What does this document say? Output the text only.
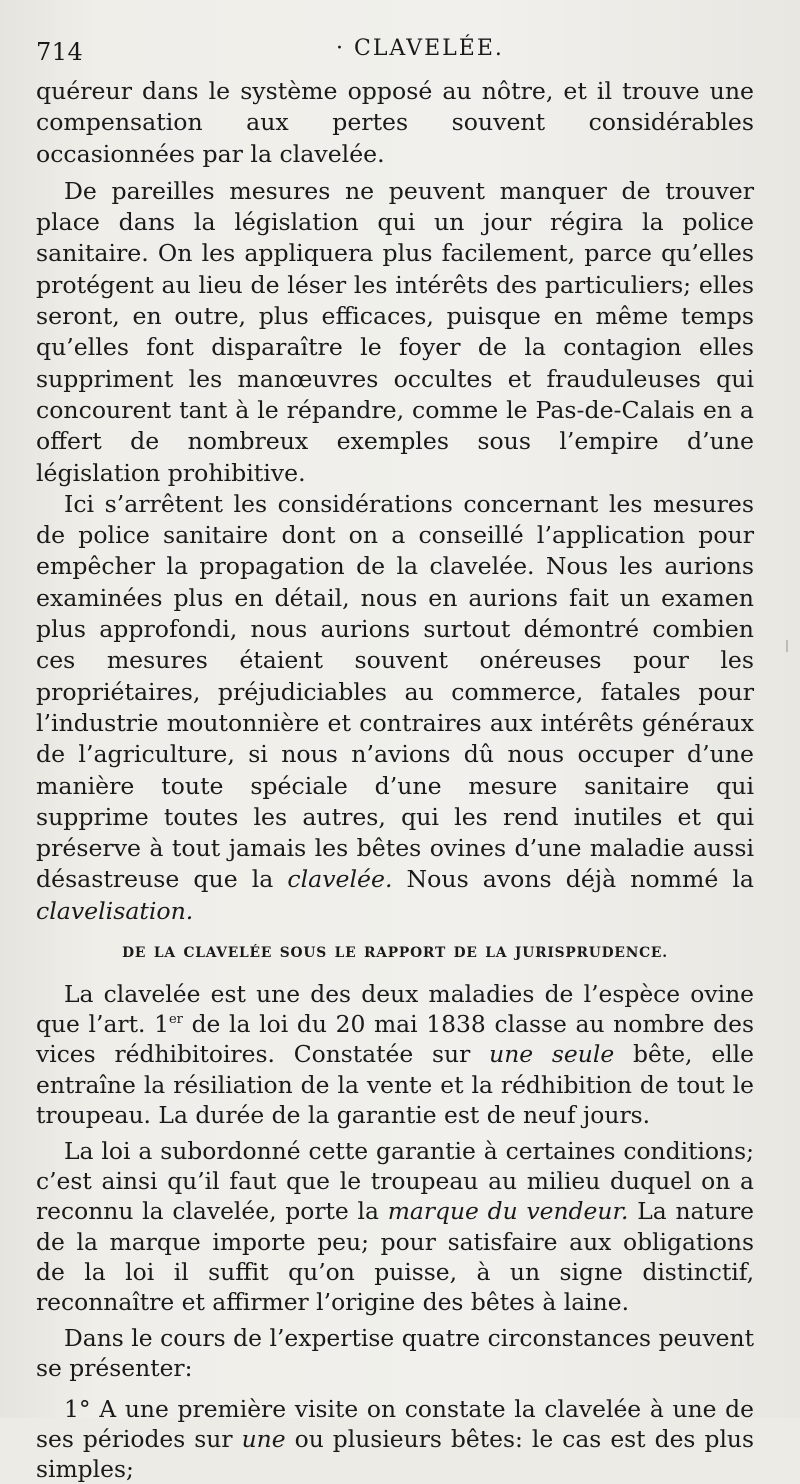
714	· CLAVELÉE.

quéreur dans le système opposé au nôtre, et il trouve une compensation aux pertes souvent considérables occasionnées par la clavelée.

De pareilles mesures ne peuvent manquer de trouver place dans la législation qui un jour régira la police sanitaire. On les appliquera plus facilement, parce qu’elles protégent au lieu de léser les intérêts des particuliers; elles seront, en outre, plus efficaces, puisque en même temps qu’elles font disparaître le foyer de la contagion elles suppriment les manœuvres occultes et frauduleuses qui concourent tant à le répandre, comme le Pas-de-Calais en a offert de nombreux exemples sous l’empire d’une législation prohibitive.

Ici s’arrêtent les considérations concernant les mesures de police sanitaire dont on a conseillé l’application pour empêcher la propagation de la clavelée. Nous les aurions examinées plus en détail, nous en aurions fait un examen plus approfondi, nous aurions surtout démontré combien ces mesures étaient souvent onéreuses pour les propriétaires, préjudiciables au commerce, fatales pour l’industrie moutonnière et contraires aux intérêts généraux de l’agriculture, si nous n’avions dû nous occuper d’une manière toute spéciale d’une mesure sanitaire qui supprime toutes les autres, qui les rend inutiles et qui préserve à tout jamais les bêtes ovines d’une maladie aussi désastreuse que la clavelée. Nous avons déjà nommé la clavelisation.

DE LA CLAVELÉE SOUS LE RAPPORT DE LA JURISPRUDENCE.

La clavelée est une des deux maladies de l’espèce ovine que l’art. 1er de la loi du 20 mai 1838 classe au nombre des vices rédhibitoires. Constatée sur une seule bête, elle entraîne la résiliation de la vente et la rédhibition de tout le troupeau. La durée de la garantie est de neuf jours.

La loi a subordonné cette garantie à certaines conditions; c’est ainsi qu’il faut que le troupeau au milieu duquel on a reconnu la clavelée, porte la marque du vendeur. La nature de la marque importe peu; pour satisfaire aux obligations de la loi il suffit qu’on puisse, à un signe distinctif, reconnaître et affirmer l’origine des bêtes à laine.

Dans le cours de l’expertise quatre circonstances peuvent se présenter:

1° A une première visite on constate la clavelée à une de ses périodes sur une ou plusieurs bêtes: le cas est des plus simples;
